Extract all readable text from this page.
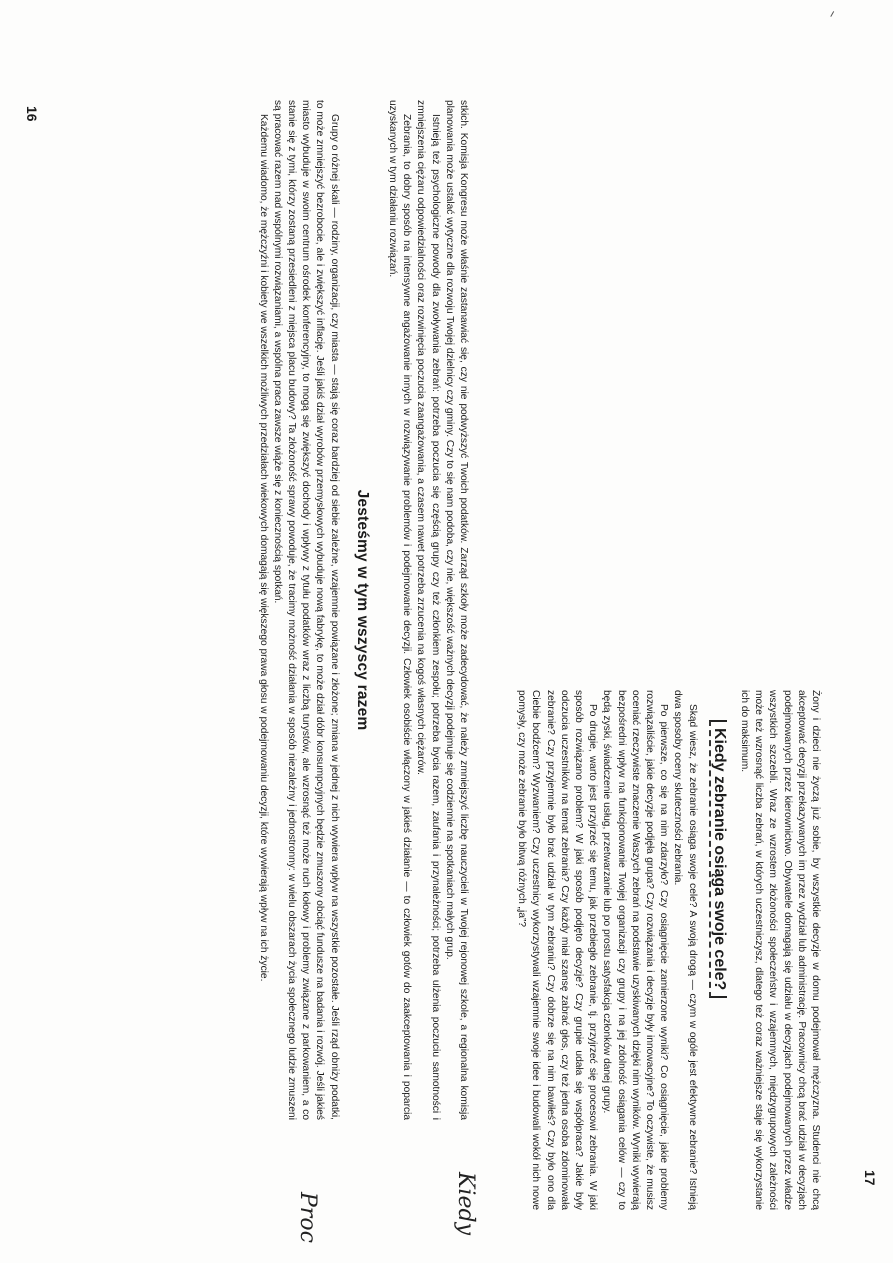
stkich. Komisja Kongresu może właśnie zastanawiać się, czy nie podwyższyć Twoich podatków. Zarząd szkoły może zadecydować, że należy zmniejszyć liczbę nauczycieli w Twojej rejonowej szkole, a regionalna komisja planowania może ustalać wytyczne dla rozwoju Twojej dzielnicy czy gminy. Czy to się nam podoba, czy nie, większość ważnych decyzji podejmuje się codziennie na spotkaniach małych grup.

Istnieją też psychologiczne powody dla zwoływania zebrań: potrzeba poczucia się częścią grupy czy też członkiem zespołu; potrzeba bycia razem, zaufania i przynależności; potrzeba ulżenia poczuciu samotności i zmniejszenia ciężaru odpowiedzialności oraz rozwinięcia poczucia zaangażowania, a czasem nawet potrzeba zrzucenia na kogoś własnych ciężarów.

Zebrania, to dobry sposób na intensywne angażowanie innych w rozwiązywanie problemów i podejmowanie decyzji. Człowiek osobiście włączony w jakieś działanie — to człowiek gotów do zaakceptowania i poparcia uzyskanych w tym działaniu rozwiązań.

Jesteśmy w tym wszyscy razem

Grupy o różnej skali — rodziny, organizacji, czy miasta — stają się coraz bardziej od siebie zależne, wzajemnie powiązane i złożone; zmiana w jednej z nich wywiera wpływ na wszystkie pozostałe. Jeśli rząd obniży podatki, to może zmniejszyć bezrobocie, ale i zwiększyć inflację. Jeśli jakiś dział wyrobów przemysłowych wybuduje nową fabrykę, to może dział dóbr konsumpcyjnych będzie zmuszony obciąć fundusze na badania i rozwój. Jeśli jakieś miasto wybuduje w swoim centrum ośrodek konferencyjny, to mogą się zwiększyć dochody i wpływy z tytułu podatków wraz z liczbą turystów, ale wzrosnąć też może ruch kołowy i problemy związane z parkowaniem, a co stanie się z tymi, którzy zostaną przesiedleni z miejsca placu budowy? Ta złożoność sprawy powoduje, że tracimy możność działania w sposób niezależny i jednostronny: w wielu obszarach życia społecznego ludzie zmuszeni są pracować razem nad wspólnymi rozwiązaniami, a wspólna praca zawsze wiąże się z koniecznością spotkań.

Każdemu wiadomo, że mężczyźni i kobiety we wszelkich możliwych przedziałach wiekowych domagają się większego prawa głosu w podejmowaniu decyzji, które wywierają wpływ na ich życie.

16

Żony i dzieci nie życzą już sobie, by wszystkie decyzje w domu podejmował mężczyzna. Studenci nie chcą akceptować decyzji przekazywanych im przez wydział lub administrację. Pracownicy chcą brać udział w decyzjach podejmowanych przez kierownictwo. Obywatele domagają się udziału w decyzjach podejmowanych przez władze wszystkich szczebli. Wraz ze wzrostem złożoności społeczeństw i wzajemnych, międzygrupowych zależności może też wzrosnąć liczba zebrań, w których uczestniczysz, dlatego też coraz ważniejsze staje się wykorzystanie ich do maksimum.

Kiedy zebranie osiąga swoje cele?

Skąd wiesz, że zebranie osiąga swoje cele? A swoją drogą — czym w ogóle jest efektywne zebranie? Istnieją dwa sposoby oceny skuteczności zebrania.

Po pierwsze, co się na nim zdarzyło? Czy osiągnięcie zamierzone wyniki? Co osiągnięcie, jakie problemy rozwiązaliście, jakie decyzje podjęła grupa? Czy rozwiązania i decyzje były innowacyjne? To oczywiste, że musisz oceniać rzeczywiste znaczenie Waszych zebrań na podstawie uzyskiwanych dzięki nim wyników. Wyniki wywierają bezpośredni wpływ na funkcjonowanie Twojej organizacji czy grupy i na jej zdolność osiągania celów — czy to będą zyski, świadczenie usług, przetwarzanie lub po prostu satysfakcja członków danej grupy.

Po drugie, warto jest przyjrzeć się temu, jak przebiegło zebranie, tj. przyjrzeć się procesowi zebrania. W jaki sposób rozwiązano problem? W jaki sposób podjęto decyzje? Czy grupie udała się współpraca? Jakie były odczucia uczestników na temat zebrania? Czy każdy miał szansę zabrać głos, czy też jedna osoba zdominowała zebranie? Czy przyjemnie było brać udział w tym zebraniu? Czy dobrze się na nim bawiłeś? Czy było ono dla Ciebie bodźcem? Wyzwaniem? Czy uczestnicy wykorzystywali wzajemnie swoje idee i budowali wokół nich nowe pomysły, czy może zebranie było bitwą różnych „ja”?

17
Kiedy
Proc
